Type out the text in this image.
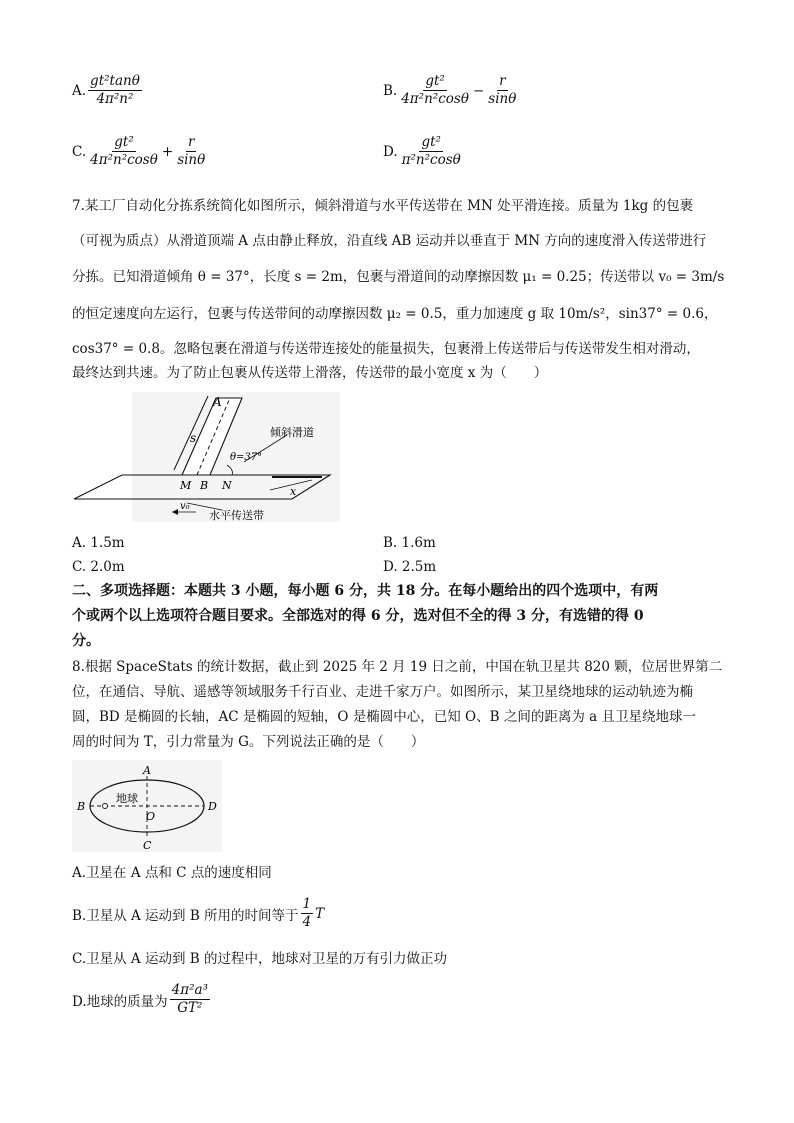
A. $\frac{\text{gt²tanθ}}{\text{4π²n²}}$	B. $\frac{\text{gt²}}{\text{4π²n²cosθ}} - \frac{r}{\sin\theta}$
C. $\frac{\text{gt²}}{\text{4π²n²cosθ}} + \frac{r}{\sin\theta}$	D. $\frac{\text{gt²}}{\text{π²n²cosθ}}$
7.某工厂自动化分拣系统简化如图所示，倾斜滑道与水平传送带在 MN 处平滑连接。质量为 1kg 的包裹
（可视为质点）从滑道顶端 A 点由静止释放，沿直线 AB 运动并以垂直于 MN 方向的速度滑入传送带进行
分拣。已知滑道倾角 θ = 37°，长度 s = 2m，包裹与滑道间的动摩擦因数 μ₁ = 0.25；传送带以 v₀ = 3m/s
的恒定速度向左运行，包裹与传送带间的动摩擦因数 μ₂ = 0.5，重力加速度 g 取 10m/s²，sin37° = 0.6，
cos37° = 0.8。忽略包裹在滑道与传送带连接处的能量损失，包裹滑上传送带后与传送带发生相对滑动，
最终达到共速。为了防止包裹从传送带上滑落，传送带的最小宽度 x 为（　　）
A
s
M B N
θ=37°
倾斜滑道
x
v₀
水平传送带
A. 1.5m	B. 1.6m
C. 2.0m	D. 2.5m
二、多项选择题：本题共 3 小题，每小题 6 分，共 18 分。在每小题给出的四个选项中，有两
个或两个以上选项符合题目要求。全部选对的得 6 分，选对但不全的得 3 分，有选错的得 0
分。
8.根据 SpaceStats 的统计数据，截止到 2025 年 2 月 19 日之前，中国在轨卫星共 820 颗，位居世界第二
位，在通信、导航、遥感等领域服务千行百业、走进千家万户。如图所示，某卫星绕地球的运动轨迹为椭
圆，BD 是椭圆的长轴，AC 是椭圆的短轴，O 是椭圆中心，已知 O、B 之间的距离为 a 且卫星绕地球一
周的时间为 T，引力常量为 G。下列说法正确的是（　　）
地球
A
B
C
D
O
A.卫星在 A 点和 C 点的速度相同
B.卫星从 A 运动到 B 所用的时间等于 $\frac{1}{4}$ T
C.卫星从 A 运动到 B 的过程中，地球对卫星的万有引力做正功
D.地球的质量为 $\frac{\text{4π²a³}}{\text{GT²}}$
